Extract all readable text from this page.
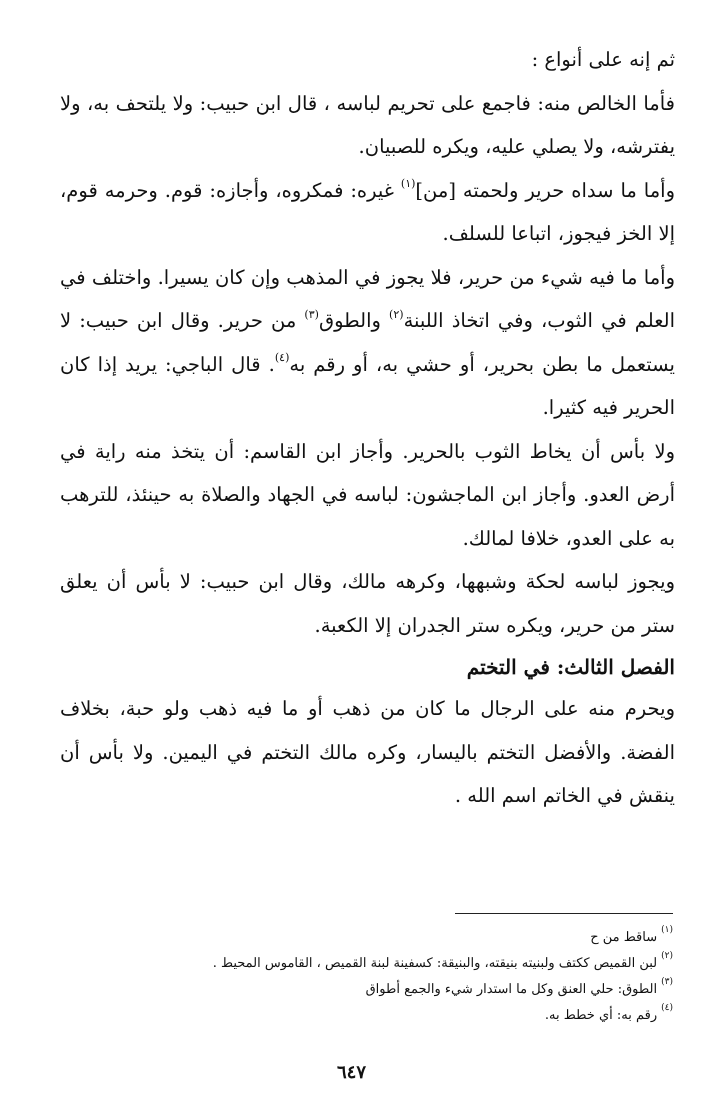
ثم إنه على أنواع :

فأما الخالص منه: فاجمع على تحريم لباسه ، قال ابن حبيب: ولا يلتحف به، ولا يفترشه، ولا يصلي عليه، ويكره للصبيان.

وأما ما سداه حرير ولحمته [من]$^{(١)}$ غيره: فمكروه، وأجازه: قوم. وحرمه قوم، إلا الخز فيجوز، اتباعا للسلف.

وأما ما فيه شيء من حرير، فلا يجوز في المذهب وإن كان يسيرا. واختلف في العلم في الثوب، وفي اتخاذ اللبنة$^{(٢)}$ والطوق$^{(٣)}$ من حرير. وقال ابن حبيب: لا يستعمل ما بطن بحرير، أو حشي به، أو رقم به$^{(٤)}$. قال الباجي: يريد إذا كان الحرير فيه كثيرا.

ولا بأس أن يخاط الثوب بالحرير. وأجاز ابن القاسم: أن يتخذ منه راية في أرض العدو. وأجاز ابن الماجشون: لباسه في الجهاد والصلاة به حينئذ، للترهب به على العدو، خلافا لمالك.

ويجوز لباسه لحكة وشبهها، وكرهه مالك، وقال ابن حبيب: لا بأس أن يعلق ستر من حرير، ويكره ستر الجدران إلا الكعبة.

الفصل الثالث: في التختم

ويحرم منه على الرجال ما كان من ذهب أو ما فيه ذهب ولو حبة، بخلاف الفضة. والأفضل التختم باليسار، وكره مالك التختم في اليمين. ولا بأس أن ينقش في الخاتم اسم الله .

$^{(١)}$ساقط من ح

$^{(٢)}$لبن القميص ككتف ولبنيته بنيقته، والبنيقة: كسفينة لبنة القميص ، القاموس المحيط .

$^{(٣)}$الطوق: حلي العنق وكل ما استدار شيء والجمع أطواق

$^{(٤)}$رقم به: أي خطط به.

٦٤٧
